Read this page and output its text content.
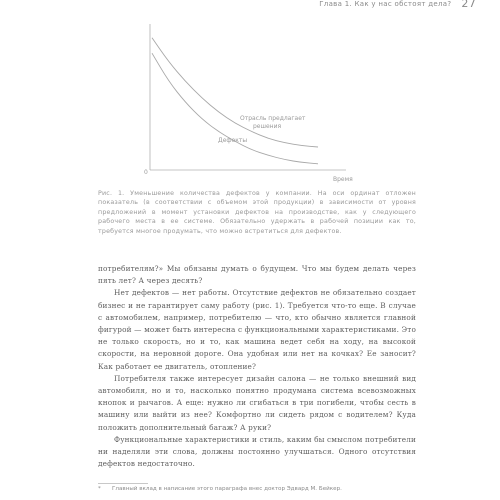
Глава 1. Как у нас обстоят дела? 27
0
Время
Отрасль предлагает
решения
Дефекты
Рис. 1. Уменьшение количества дефектов у компании. На оси ординат отложен показатель (в соответствии с объемом этой продукции) в зависимости от уровня предложений в момент установки дефектов на производстве, как у следующего рабочего места в ее системе. Обязательно удержать в рабочей позиции как то, требуется многое продумать, что можно встретиться для дефектов.

потребителям?» Мы обязаны думать о будущем. Что мы будем делать через пять лет? А через десять?

Нет дефектов — нет работы. Отсутствие дефектов не обязательно создает бизнес и не гарантирует саму работу (рис. 1). Требуется что-то еще. В случае с автомобилем, например, потребителю — что, кто обычно является главной фигурой — может быть интересна с функциональными характеристиками. Это не только скорость, но и то, как машина ведет себя на ходу, на высокой скорости, на неровной дороге. Она удобная или нет на кочках? Ее заносит? Как работает ее двигатель, отопление?

Потребителя также интересует дизайн салона — не только внешний вид автомобиля, но и то, насколько понятно продумана система всевозможных кнопок и рычагов. А еще: нужно ли сгибаться в три погибели, чтобы сесть в машину или выйти из нее? Комфортно ли сидеть рядом с водителем? Куда положить дополнительный багаж? А руки?

Функциональные характеристики и стиль, каким бы смыслом потребители ни наделяли эти слова, должны постоянно улучшаться. Одного отсутствия дефектов недостаточно.

* Главный вклад в написание этого параграфа внес доктор Эдвард М. Бейкер.
